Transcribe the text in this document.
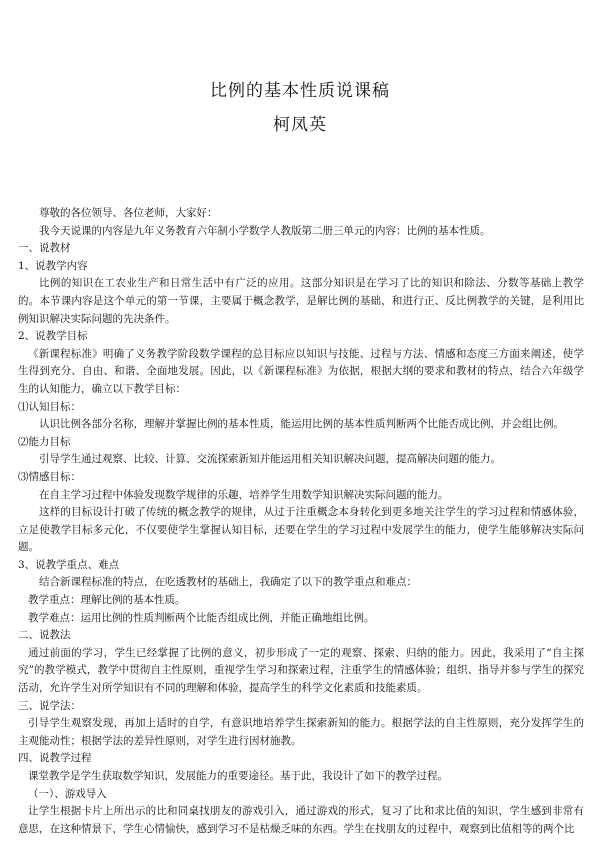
比例的基本性质说课稿
柯凤英

尊敬的各位领导、各位老师，大家好：

我今天说课的内容是九年义务教育六年制小学数学人教版第二册三单元的内容：比例的基本性质。

一、说教材

1、说教学内容

比例的知识在工农业生产和日常生活中有广泛的应用。这部分知识是在学习了比的知识和除法、分数等基础上教学的。本节课内容是这个单元的第一节课，主要属于概念教学，是解比例的基础，和进行正、反比例教学的关键，是利用比例知识解决实际问题的先决条件。

2、说教学目标

《新课程标准》明确了义务教学阶段数学课程的总目标应以知识与技能、过程与方法、情感和态度三方面来阐述，使学生得到充分、自由、和谐、全面地发展。因此，以《新课程标准》为依据，根据大纲的要求和教材的特点，结合六年级学生的认知能力，确立以下教学目标：

⑴认知目标：

认识比例各部分名称，理解并掌握比例的基本性质，能运用比例的基本性质判断两个比能否成比例，并会组比例。

⑵能力目标

引导学生通过观察、比较、计算、交流探索新知并能运用相关知识解决问题，提高解决问题的能力。

⑶情感目标：

在自主学习过程中体验发现数学规律的乐趣，培养学生用数学知识解决实际问题的能力。

这样的目标设计打破了传统的概念教学的规律，从过于注重概念本身转化到更多地关注学生的学习过程和情感体验，立足使教学目标多元化，不仅要使学生掌握认知目标，还要在学生的学习过程中发展学生的能力，使学生能够解决实际问题。

3、说教学重点、难点

结合新课程标准的特点，在吃透教材的基础上，我确定了以下的教学重点和难点：

教学重点：理解比例的基本性质。

教学难点：运用比例的性质判断两个比能否组成比例，并能正确地组比例。

二、说教法

通过前面的学习，学生已经掌握了比例的意义，初步形成了一定的观察、探索、归纳的能力。因此，我采用了“自主探究”的教学模式，教学中贯彻自主性原则，重视学生学习和探索过程，注重学生的情感体验；组织、指导并参与学生的探究活动，允许学生对所学知识有不同的理解和体验，提高学生的科学文化素质和技能素质。

三、说学法：

引导学生观察发现，再加上适时的自学，有意识地培养学生探索新知的能力。根据学法的自主性原则，充分发挥学生的主观能动性；根据学法的差异性原则，对学生进行因材施教。

四、说教学过程

课堂教学是学生获取数学知识，发展能力的重要途径。基于此，我设计了如下的教学过程。

（一）、游戏导入

让学生根据卡片上所出示的比和同桌找朋友的游戏引入，通过游戏的形式，复习了比和求比值的知识，学生感到非常有意思，在这种情景下，学生心情愉快，感到学习不是枯燥乏味的东西。学生在找朋友的过程中，观察到比值相等的两个比
